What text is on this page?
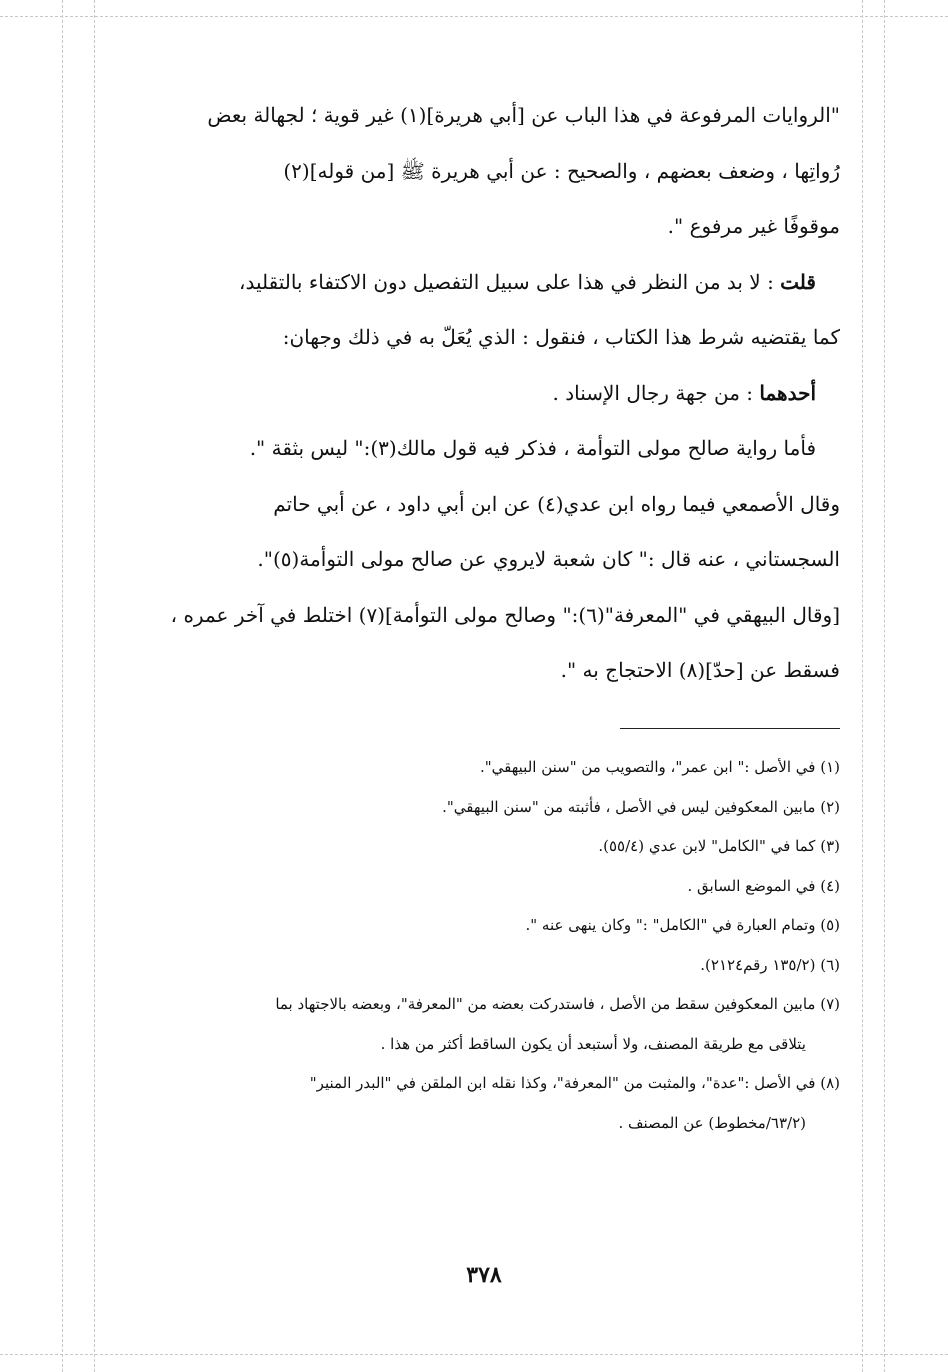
"الروايات المرفوعة في هذا الباب عن [أبي هريرة](١) غير قوية ؛ لجهالة بعض

رُواتِها ، وضعف بعضهم ، والصحيح : عن أبي هريرة ﷺ [من قوله](٢)

موقوفًا غير مرفوع ".

قلت : لا بد من النظر في هذا على سبيل التفصيل دون الاكتفاء بالتقليد،

كما يقتضيه شرط هذا الكتاب ، فنقول : الذي يُعَلّ به في ذلك وجهان:

أحدهما : من جهة رجال الإسناد .

فأما رواية صالح مولى التوأمة ، فذكر فيه قول مالك(٣):" ليس بثقة ".

وقال الأصمعي فيما رواه ابن عدي(٤) عن ابن أبي داود ، عن أبي حاتم

السجستاني ، عنه قال :" كان شعبة لايروي عن صالح مولى التوأمة(٥)".

[وقال البيهقي في "المعرفة"(٦):" وصالح مولى التوأمة](٧) اختلط في آخر عمره ،

فسقط عن [حدّ](٨) الاحتجاج به ".

(١) في الأصل :" ابن عمر"، والتصويب من "سنن البيهقي".

(٢) مابين المعكوفين ليس في الأصل ، فأثبته من "سنن البيهقي".

(٣) كما في "الكامل" لابن عدي (٥٥/٤).

(٤) في الموضع السابق .

(٥) وتمام العبارة في "الكامل" :" وكان ينهى عنه ".

(٦) (١٣٥/٢ رقم٢١٢٤).

(٧) مابين المعكوفين سقط من الأصل ، فاستدركت بعضه من "المعرفة"، وبعضه بالاجتهاد بما

يتلاقى مع طريقة المصنف، ولا أستبعد أن يكون الساقط أكثر من هذا .

(٨) في الأصل :"عدة"، والمثبت من "المعرفة"، وكذا نقله ابن الملقن في "البدر المنير"

(٦٣/٢/مخطوط) عن المصنف .

٣٧٨
